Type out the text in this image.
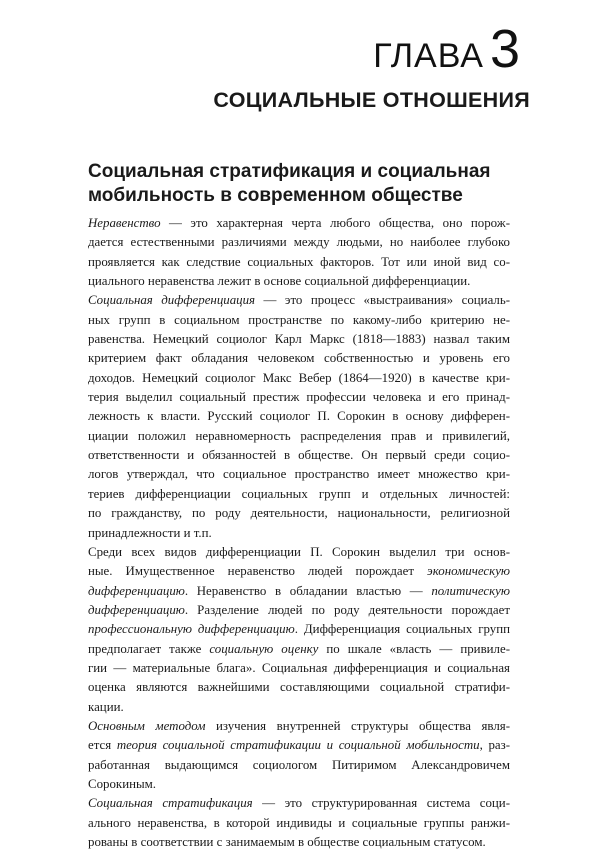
ГЛАВА 3
СОЦИАЛЬНЫЕ ОТНОШЕНИЯ
Социальная стратификация и социальная
мобильность в современном обществе

Неравенство — это характерная черта любого общества, оно порож-
дается естественными различиями между людьми, но наиболее глубоко
проявляется как следствие социальных факторов. Тот или иной вид со-
циального неравенства лежит в основе социальной дифференциации.

Социальная дифференциация — это процесс «выстраивания» социаль-
ных групп в социальном пространстве по какому-либо критерию не-
равенства. Немецкий социолог Карл Маркс (1818—1883) назвал таким
критерием факт обладания человеком собственностью и уровень его
доходов. Немецкий социолог Макс Вебер (1864—1920) в качестве кри-
терия выделил социальный престиж профессии человека и его принад-
лежность к власти. Русский социолог П. Сорокин в основу дифферен-
циации положил неравномерность распределения прав и привилегий,
ответственности и обязанностей в обществе. Он первый среди социо-
логов утверждал, что социальное пространство имеет множество кри-
териев дифференциации социальных групп и отдельных личностей:
по гражданству, по роду деятельности, национальности, религиозной
принадлежности и т.п.

Среди всех видов дифференциации П. Сорокин выделил три основ-
ные. Имущественное неравенство людей порождает экономическую
дифференциацию. Неравенство в обладании властью — политическую
дифференциацию. Разделение людей по роду деятельности порождает
профессиональную дифференциацию. Дифференциация социальных групп
предполагает также социальную оценку по шкале «власть — привиле-
гии — материальные блага». Социальная дифференциация и социальная
оценка являются важнейшими составляющими социальной стратифи-
кации.

Основным методом изучения внутренней структуры общества явля-
ется теория социальной стратификации и социальной мобильности, раз-
работанная выдающимся социологом Питиримом Александровичем
Сорокиным.

Социальная стратификация — это структурированная система соци-
ального неравенства, в которой индивиды и социальные группы ранжи-
рованы в соответствии с занимаемым в обществе социальным статусом.
